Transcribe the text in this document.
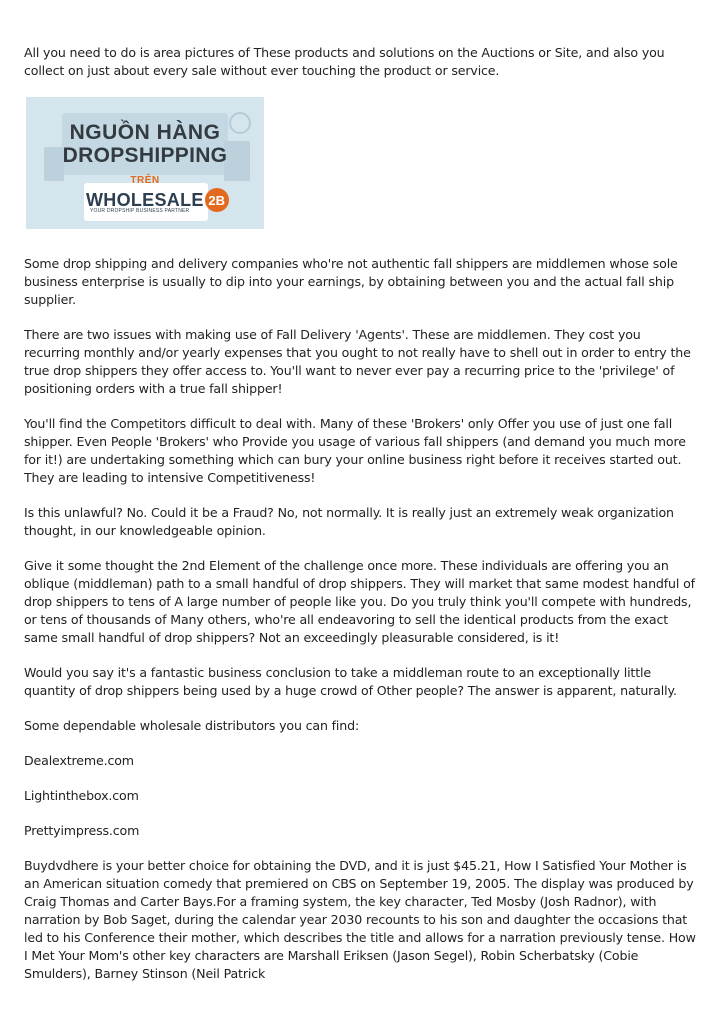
All you need to do is area pictures of These products and solutions on the Auctions or Site, and also you collect on just about every sale without ever touching the product or service.

NGUỒN HÀNG
DROPSHIPPING
TRÊN
WHOLESALE 2B
YOUR DROPSHIP BUSINESS PARTNER

Some drop shipping and delivery companies who're not authentic fall shippers are middlemen whose sole business enterprise is usually to dip into your earnings, by obtaining between you and the actual fall ship supplier.

There are two issues with making use of Fall Delivery 'Agents'. These are middlemen. They cost you recurring monthly and/or yearly expenses that you ought to not really have to shell out in order to entry the true drop shippers they offer access to. You'll want to never ever pay a recurring price to the 'privilege' of positioning orders with a true fall shipper!

You'll find the Competitors difficult to deal with. Many of these 'Brokers' only Offer you use of just one fall shipper. Even People 'Brokers' who Provide you usage of various fall shippers (and demand you much more for it!) are undertaking something which can bury your online business right before it receives started out. They are leading to intensive Competitiveness!

Is this unlawful? No. Could it be a Fraud? No, not normally. It is really just an extremely weak organization thought, in our knowledgeable opinion.

Give it some thought the 2nd Element of the challenge once more. These individuals are offering you an oblique (middleman) path to a small handful of drop shippers. They will market that same modest handful of drop shippers to tens of A large number of people like you. Do you truly think you'll compete with hundreds, or tens of thousands of Many others, who're all endeavoring to sell the identical products from the exact same small handful of drop shippers? Not an exceedingly pleasurable considered, is it!

Would you say it's a fantastic business conclusion to take a middleman route to an exceptionally little quantity of drop shippers being used by a huge crowd of Other people? The answer is apparent, naturally.

Some dependable wholesale distributors you can find:

Dealextreme.com

Lightinthebox.com

Prettyimpress.com

Buydvdhere is your better choice for obtaining the DVD, and it is just $45.21, How I Satisfied Your Mother is an American situation comedy that premiered on CBS on September 19, 2005. The display was produced by Craig Thomas and Carter Bays.For a framing system, the key character, Ted Mosby (Josh Radnor), with narration by Bob Saget, during the calendar year 2030 recounts to his son and daughter the occasions that led to his Conference their mother, which describes the title and allows for a narration previously tense. How I Met Your Mom's other key characters are Marshall Eriksen (Jason Segel), Robin Scherbatsky (Cobie Smulders), Barney Stinson (Neil Patrick
